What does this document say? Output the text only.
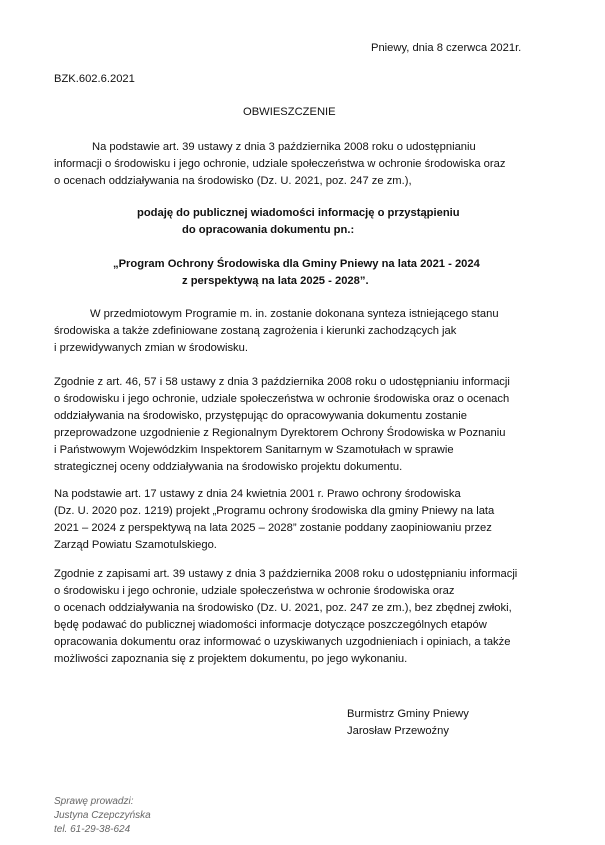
Pniewy, dnia 8 czerwca 2021r.
BZK.602.6.2021
OBWIESZCZENIE
Na podstawie art. 39 ustawy z dnia 3 października 2008 roku o udostępnianiu
informacji o środowisku i jego ochronie, udziale społeczeństwa w ochronie środowiska oraz
o ocenach oddziaływania na środowisko (Dz. U. 2021, poz. 247 ze zm.),
podaję do publicznej wiadomości informację o przystąpieniu
do opracowania dokumentu pn.:
„Program Ochrony Środowiska dla Gminy Pniewy na lata 2021 - 2024
z perspektywą na lata 2025 - 2028”.
W przedmiotowym Programie m. in. zostanie dokonana synteza istniejącego stanu
środowiska a także zdefiniowane zostaną zagrożenia i kierunki zachodzących jak
i przewidywanych zmian w środowisku.
Zgodnie z art. 46, 57 i 58 ustawy z dnia 3 października 2008 roku o udostępnianiu informacji
o środowisku i jego ochronie, udziale społeczeństwa w ochronie środowiska oraz o ocenach
oddziaływania na środowisko, przystępując do opracowywania dokumentu zostanie
przeprowadzone uzgodnienie z Regionalnym Dyrektorem Ochrony Środowiska w Poznaniu
i Państwowym Wojewódzkim Inspektorem Sanitarnym w Szamotułach w sprawie
strategicznej oceny oddziaływania na środowisko projektu dokumentu.
Na podstawie art. 17 ustawy z dnia 24 kwietnia 2001 r. Prawo ochrony środowiska
(Dz. U. 2020 poz. 1219) projekt „Programu ochrony środowiska dla gminy Pniewy na lata
2021 – 2024 z perspektywą na lata 2025 – 2028” zostanie poddany zaopiniowaniu przez
Zarząd Powiatu Szamotulskiego.
Zgodnie z zapisami art. 39 ustawy z dnia 3 października 2008 roku o udostępnianiu informacji
o środowisku i jego ochronie, udziale społeczeństwa w ochronie środowiska oraz
o ocenach oddziaływania na środowisko (Dz. U. 2021, poz. 247 ze zm.), bez zbędnej zwłoki,
będę podawać do publicznej wiadomości informacje dotyczące poszczególnych etapów
opracowania dokumentu oraz informować o uzyskiwanych uzgodnieniach i opiniach, a także
możliwości zapoznania się z projektem dokumentu, po jego wykonaniu.
Burmistrz Gminy Pniewy
Jarosław Przewoźny
Sprawę prowadzi:
Justyna Czepczyńska
tel. 61-29-38-624
